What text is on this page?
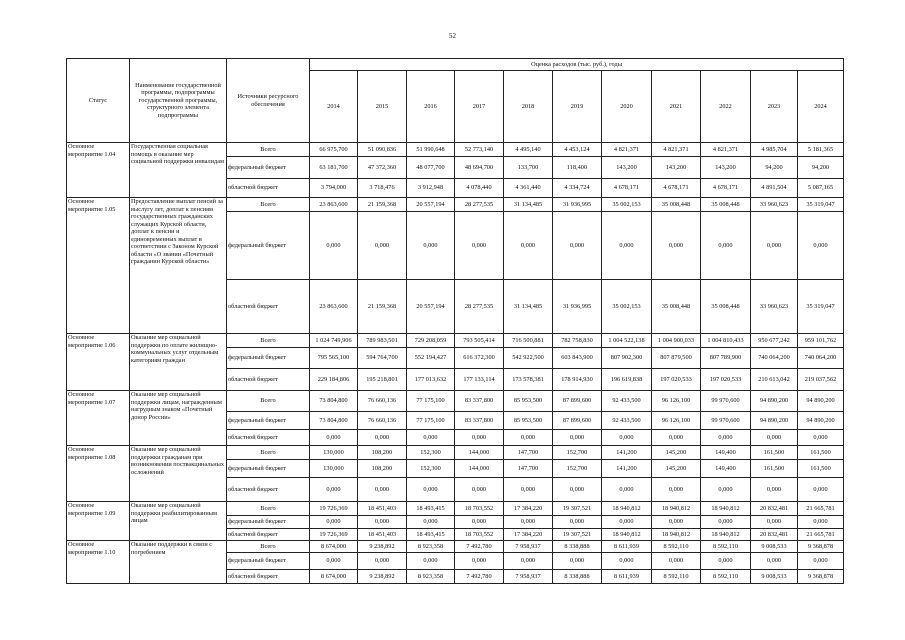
52
Статус	Наименование государственной программы, подпрограммы государственной программы, структурного элемента подпрограммы	Источники ресурсного обеспечения	Оценка расходов (тыс. руб.), годы										
			2014	2015	2016	2017	2018	2019	2020	2021	2022	2023	2024
Основное мероприятие 1.04	Государственная социальная помощь в оказание мер социальной поддержки инвалидам	Всего	66 975,700	51 090,836	51 990,648	52 773,140	4 495,140	4 453,124	4 821,371	4 821,371	4 821,371	4 985,704	5 181,365
		федеральный бюджет	63 181,700	47 372,360	48 077,700	48 694,700	133,700	118,400	143,200	143,200	143,200	94,200	94,200
		областной бюджет	3 794,000	3 718,476	3 912,948	4 078,440	4 361,440	4 334,724	4 678,171	4 678,171	4 678,171	4 891,504	5 087,165
Основное мероприятие 1.05	Предоставление выплат пенсий за выслугу лет, доплат к пенсиям государственных гражданских служащих Курской области, доплат к пенсии и единовременных выплат в соответствии с Законом Курской области «О звании «Почетный гражданин Курской области»	Всего	23 863,600	21 159,368	20 557,194	28 277,535	31 134,485	31 936,995	35 002,153	35 008,448	35 008,448	33 960,623	35 319,047
		федеральный бюджет	0,000	0,000	0,000	0,000	0,000	0,000	0,000	0,000	0,000	0,000	0,000
		областной бюджет	23 863,600	21 159,368	20 557,194	28 277,535	31 134,485	31 936,995	35 002,153	35 008,448	35 008,448	33 960,623	35 319,047
Основное мероприятие 1.06	Оказание мер социальной поддержки по оплате жилищно-коммунальных услуг отдельным категориям граждан	Всего	1 024 749,906	789 983,501	729 208,059	793 505,414	716 500,881	782 758,830	1 004 522,138	1 004 900,033	1 004 810,433	950 677,242	959 101,762
		федеральный бюджет	795 565,100	594 764,700	552 194,427	616 372,300	542 922,500	603 843,900	807 902,300	807 879,500	807 789,900	740 064,200	740 064,200
		областной бюджет	229 184,806	195 218,801	177 013,632	177 133,114	173 578,381	178 914,930	196 619,838	197 020,533	197 020,533	210 613,042	219 037,562
Основное мероприятие 1.07	Оказание мер социальной поддержки лицам, награжденным нагрудным знаком «Почетный донор России»	Всего	73 804,800	76 660,136	77 175,100	83 337,800	85 953,500	87 899,600	92 433,500	96 126,100	99 970,600	94 890,200	94 890,200
		федеральный бюджет	73 804,800	76 660,136	77 175,100	83 337,800	85 953,500	87 899,600	92 433,500	96 126,100	99 970,600	94 890,200	94 890,200
		областной бюджет	0,000	0,000	0,000	0,000	0,000	0,000	0,000	0,000	0,000	0,000	0,000
Основное мероприятие 1.08	Оказание мер социальной поддержки гражданам при возникновении поствакцинальных осложнений	Всего	130,000	108,200	152,300	144,000	147,700	152,700	141,200	145,200	149,400	161,500	161,500
		федеральный бюджет	130,000	108,200	152,300	144,000	147,700	152,700	141,200	145,200	149,400	161,500	161,500
		областной бюджет	0,000	0,000	0,000	0,000	0,000	0,000	0,000	0,000	0,000	0,000	0,000
Основное мероприятие 1.09	Оказание мер социальной поддержки реабилитированным лицам	Всего	19 726,369	18 451,403	18 493,415	18 703,552	17 384,220	19 307,521	18 940,812	18 940,812	18 940,812	20 832,481	21 665,781
		федеральный бюджет	0,000	0,000	0,000	0,000	0,000	0,000	0,000	0,000	0,000	0,000	0,000
		областной бюджет	19 726,369	18 451,403	18 493,415	18 703,552	17 384,220	19 307,521	18 940,812	18 940,812	18 940,812	20 832,481	21 665,781
Основное мероприятие 1.10	Оказание поддержки в связи с погребением	Всего	8 674,000	9 238,892	8 923,358	7 492,780	7 958,937	8 338,888	8 611,939	8 592,110	8 592,110	9 008,533	9 368,878
		федеральный бюджет	0,000	0,000	0,000	0,000	0,000	0,000	0,000	0,000	0,000	0,000	0,000
		областной бюджет	8 674,000	9 238,892	8 923,358	7 492,780	7 958,937	8 338,888	8 611,939	8 592,110	8 592,110	9 008,533	9 368,878
